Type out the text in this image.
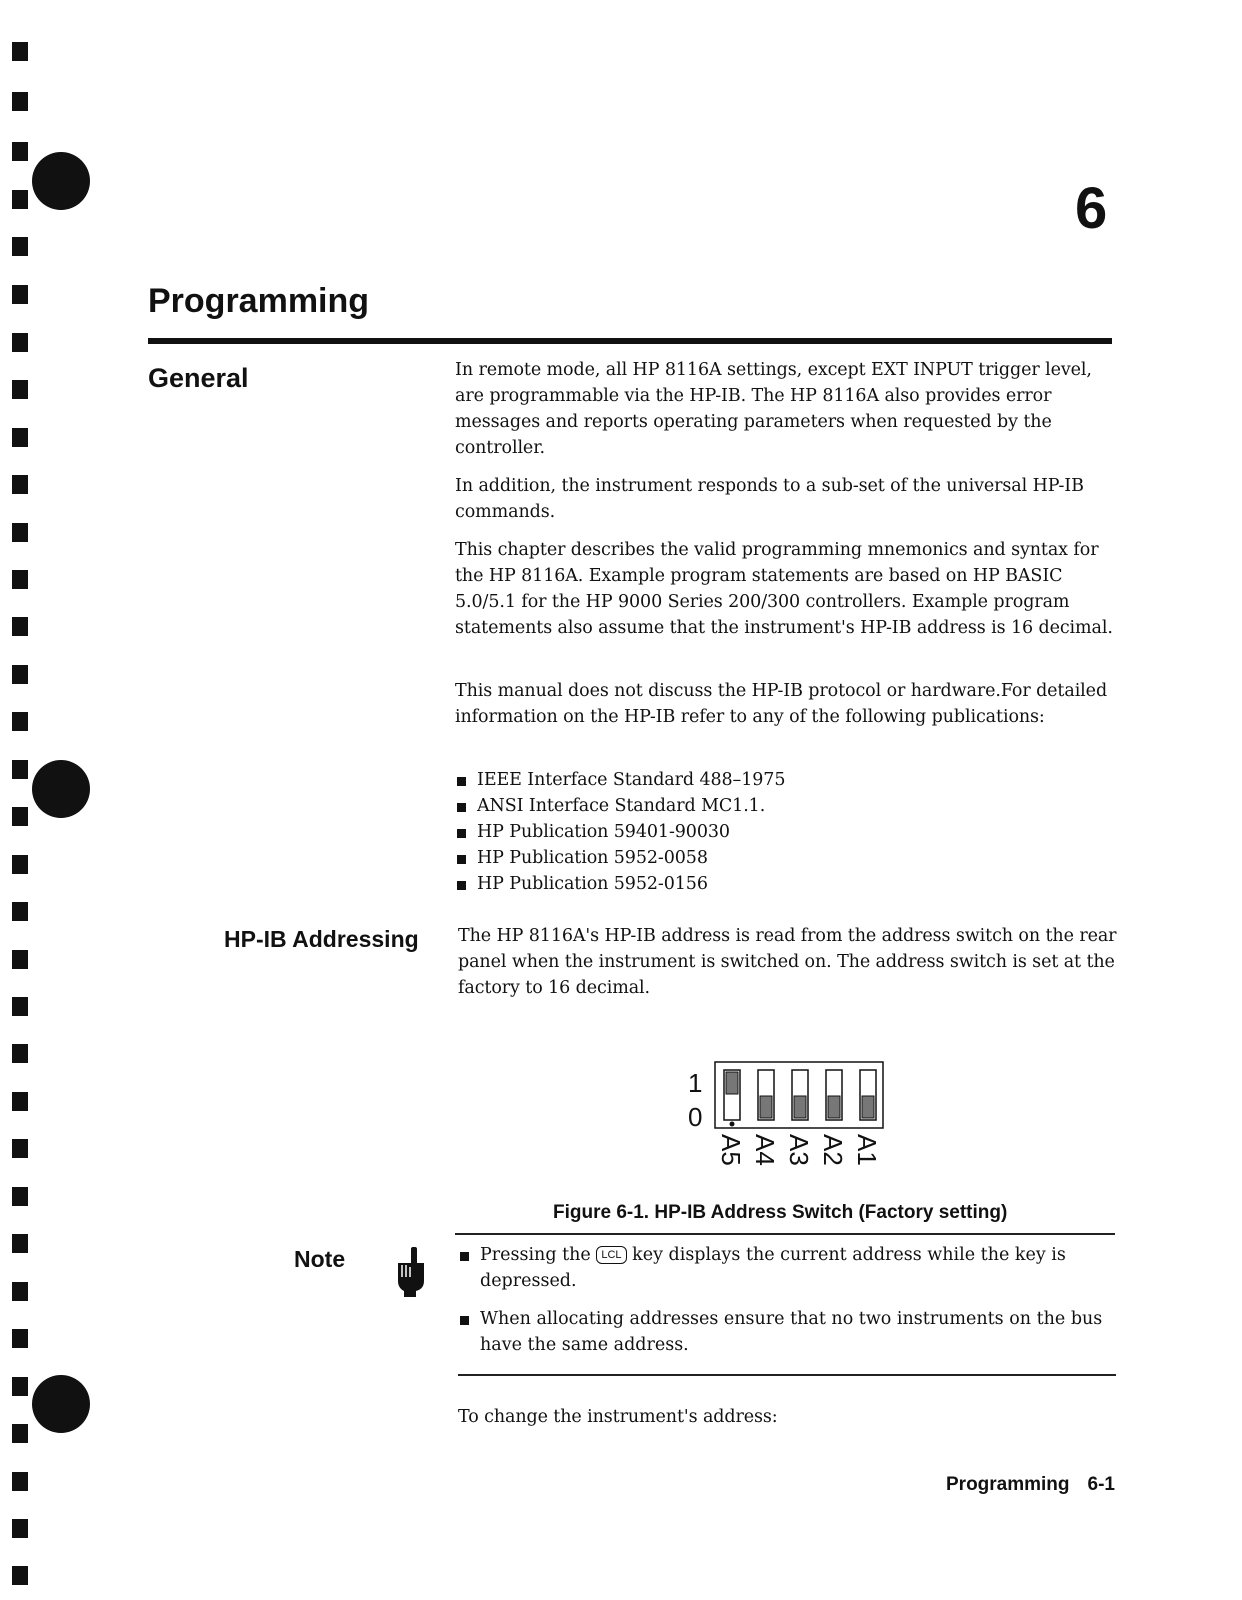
6
Programming
General	In remote mode, all HP 8116A settings, except EXT INPUT trigger level, are programmable via the HP-IB. The HP 8116A also provides error messages and reports operating parameters when requested by the controller.

In addition, the instrument responds to a sub-set of the universal HP-IB commands.

This chapter describes the valid programming mnemonics and syntax for the HP 8116A. Example program statements are based on HP BASIC 5.0/5.1 for the HP 9000 Series 200/300 controllers. Example program statements also assume that the instrument's HP-IB address is 16 decimal.

This manual does not discuss the HP-IB protocol or hardware.For detailed information on the HP-IB refer to any of the following publications:

IEEE Interface Standard 488–1975
ANSI Interface Standard MC1.1.
HP Publication 59401-90030
HP Publication 5952-0058
HP Publication 5952-0156
HP-IB Addressing The HP 8116A's HP-IB address is read from the address switch on the rear panel when the instrument is switched on. The address switch is set at the factory to 16 decimal.

1
0
A5 A4 A3 A2 A1
Figure 6-1. HP-IB Address Switch (Factory setting)
Note	Pressing the LCL key displays the current address while the key is depressed.
When allocating addresses ensure that no two instruments on the bus have the same address.

To change the instrument's address:

Programming 6-1
